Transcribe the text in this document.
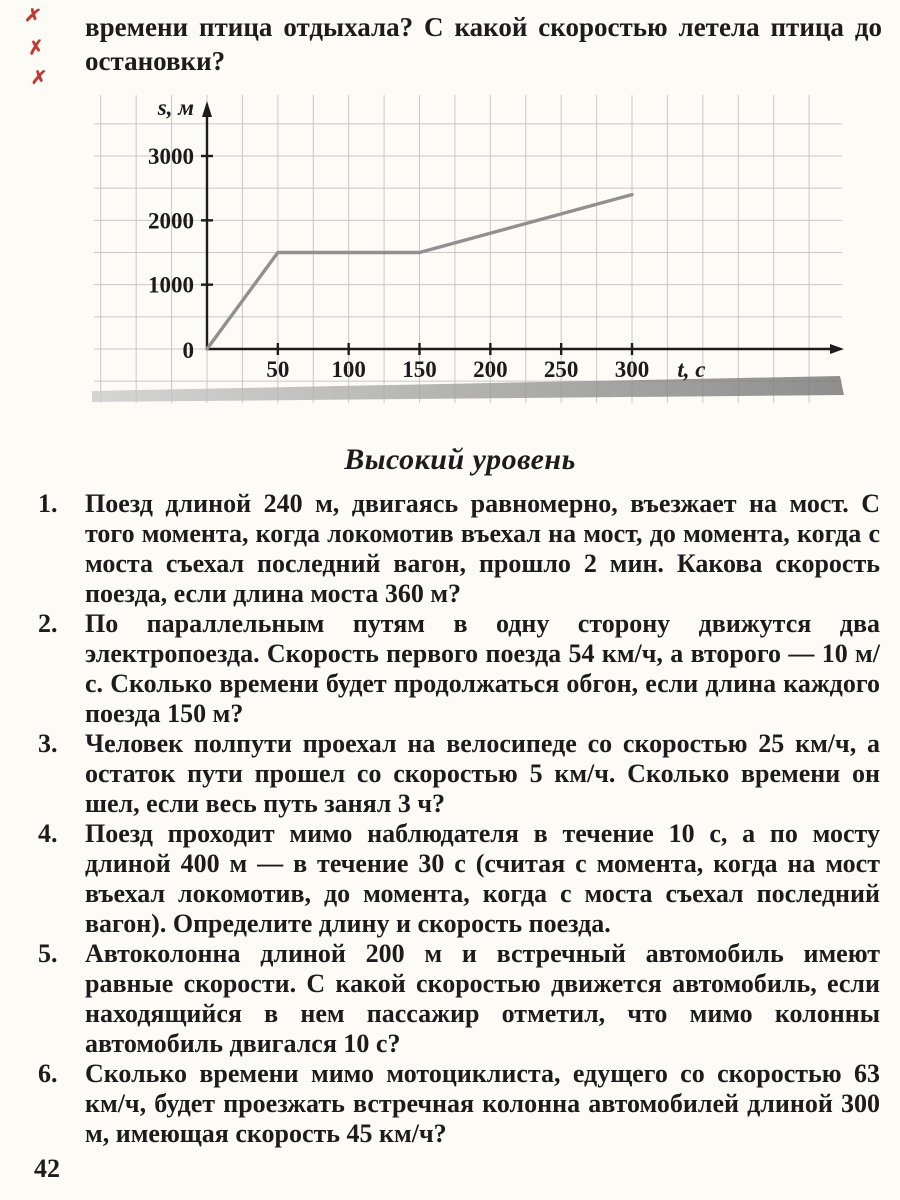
✗
✗
✗

времени птица отдыхала? С какой скоростью летела птица до остановки?

1000
2000
3000
50 100 150 200 250 300
0
s, м
t, с
Высокий уровень
1. Поезд длиной 240 м, двигаясь равномерно, въезжает на мост. С того момента, когда локомотив въехал на мост, до момента, когда с моста съехал последний вагон, прошло 2 мин. Какова скорость поезда, если длина моста 360 м?
2. По параллельным путям в одну сторону движутся два электропоезда. Скорость первого поезда 54 км/ч, а второго — 10 м/с. Сколько времени будет продолжаться обгон, если длина каждого поезда 150 м?
3. Человек полпути проехал на велосипеде со скоростью 25 км/ч, а остаток пути прошел со скоростью 5 км/ч. Сколько времени он шел, если весь путь занял 3 ч?
4. Поезд проходит мимо наблюдателя в течение 10 с, а по мосту длиной 400 м — в течение 30 с (считая с момента, когда на мост въехал локомотив, до момента, когда с моста съехал последний вагон). Определите длину и скорость поезда.
5. Автоколонна длиной 200 м и встречный автомобиль имеют равные скорости. С какой скоростью движется автомобиль, если находящийся в нем пассажир отметил, что мимо колонны автомобиль двигался 10 с?
6. Сколько времени мимо мотоциклиста, едущего со скоростью 63 км/ч, будет проезжать встречная колонна автомобилей длиной 300 м, имеющая скорость 45 км/ч?
42
